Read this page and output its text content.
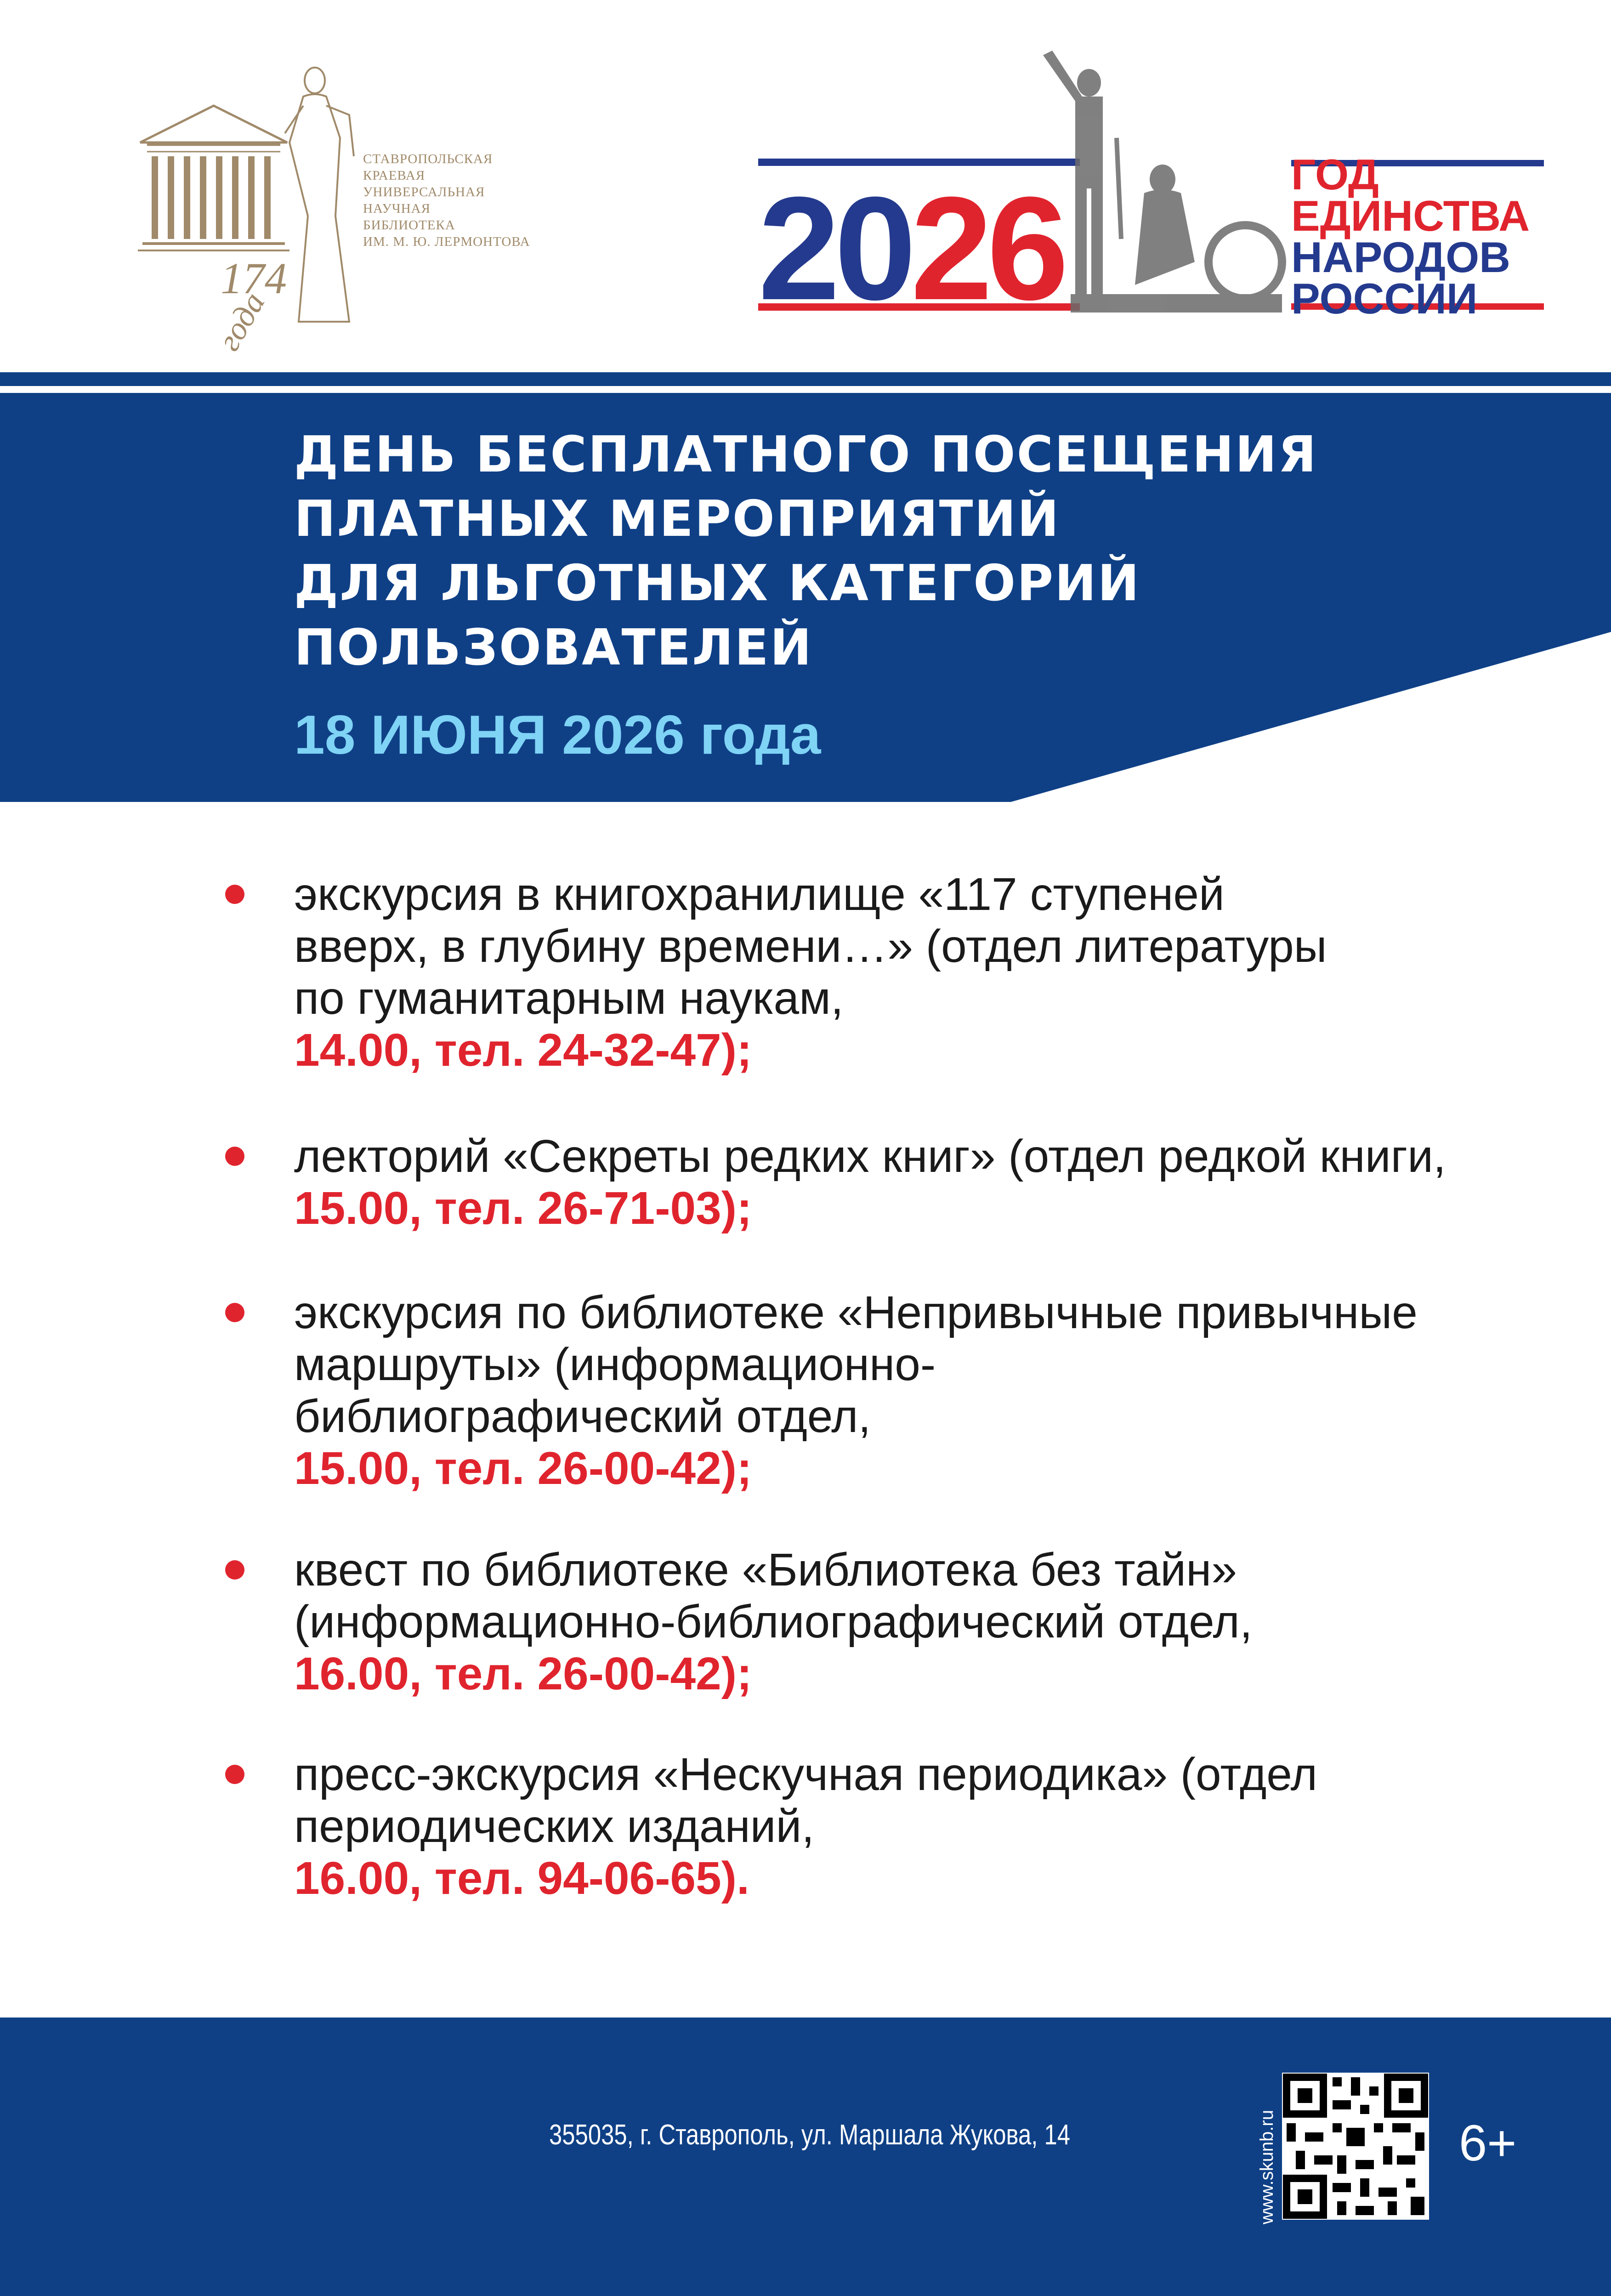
СТАВРОПОЛЬСКАЯ
КРАЕВАЯ
УНИВЕРСАЛЬНАЯ
НАУЧНАЯ
БИБЛИОТЕКА
ИМ. М. Ю. ЛЕРМОНТОВА
174
года	2026	ГОД
ЕДИНСТВА
НАРОДОВ
РОССИИ
ДЕНЬ БЕСПЛАТНОГО ПОСЕЩЕНИЯ
ПЛАТНЫХ МЕРОПРИЯТИЙ
ДЛЯ ЛЬГОТНЫХ КАТЕГОРИЙ
ПОЛЬЗОВАТЕЛЕЙ
18 ИЮНЯ 2026 года
экскурсия в книгохранилище «117 ступеней
вверх, в глубину времени…» (отдел литературы
по гуманитарным наукам,
14.00, тел. 24-32-47);
лекторий «Секреты редких книг» (отдел редкой книги,
15.00, тел. 26-71-03);
экскурсия по библиотеке «Непривычные привычные
маршруты» (информационно-
библиографический отдел,
15.00, тел. 26-00-42);
квест по библиотеке «Библиотека без тайн»
(информационно-библиографический отдел,
16.00, тел. 26-00-42);
пресс-экскурсия «Нескучная периодика» (отдел
периодических изданий,
16.00, тел. 94-06-65).
355035, г. Ставрополь, ул. Маршала Жукова, 14	www.skunb.ru	6+
